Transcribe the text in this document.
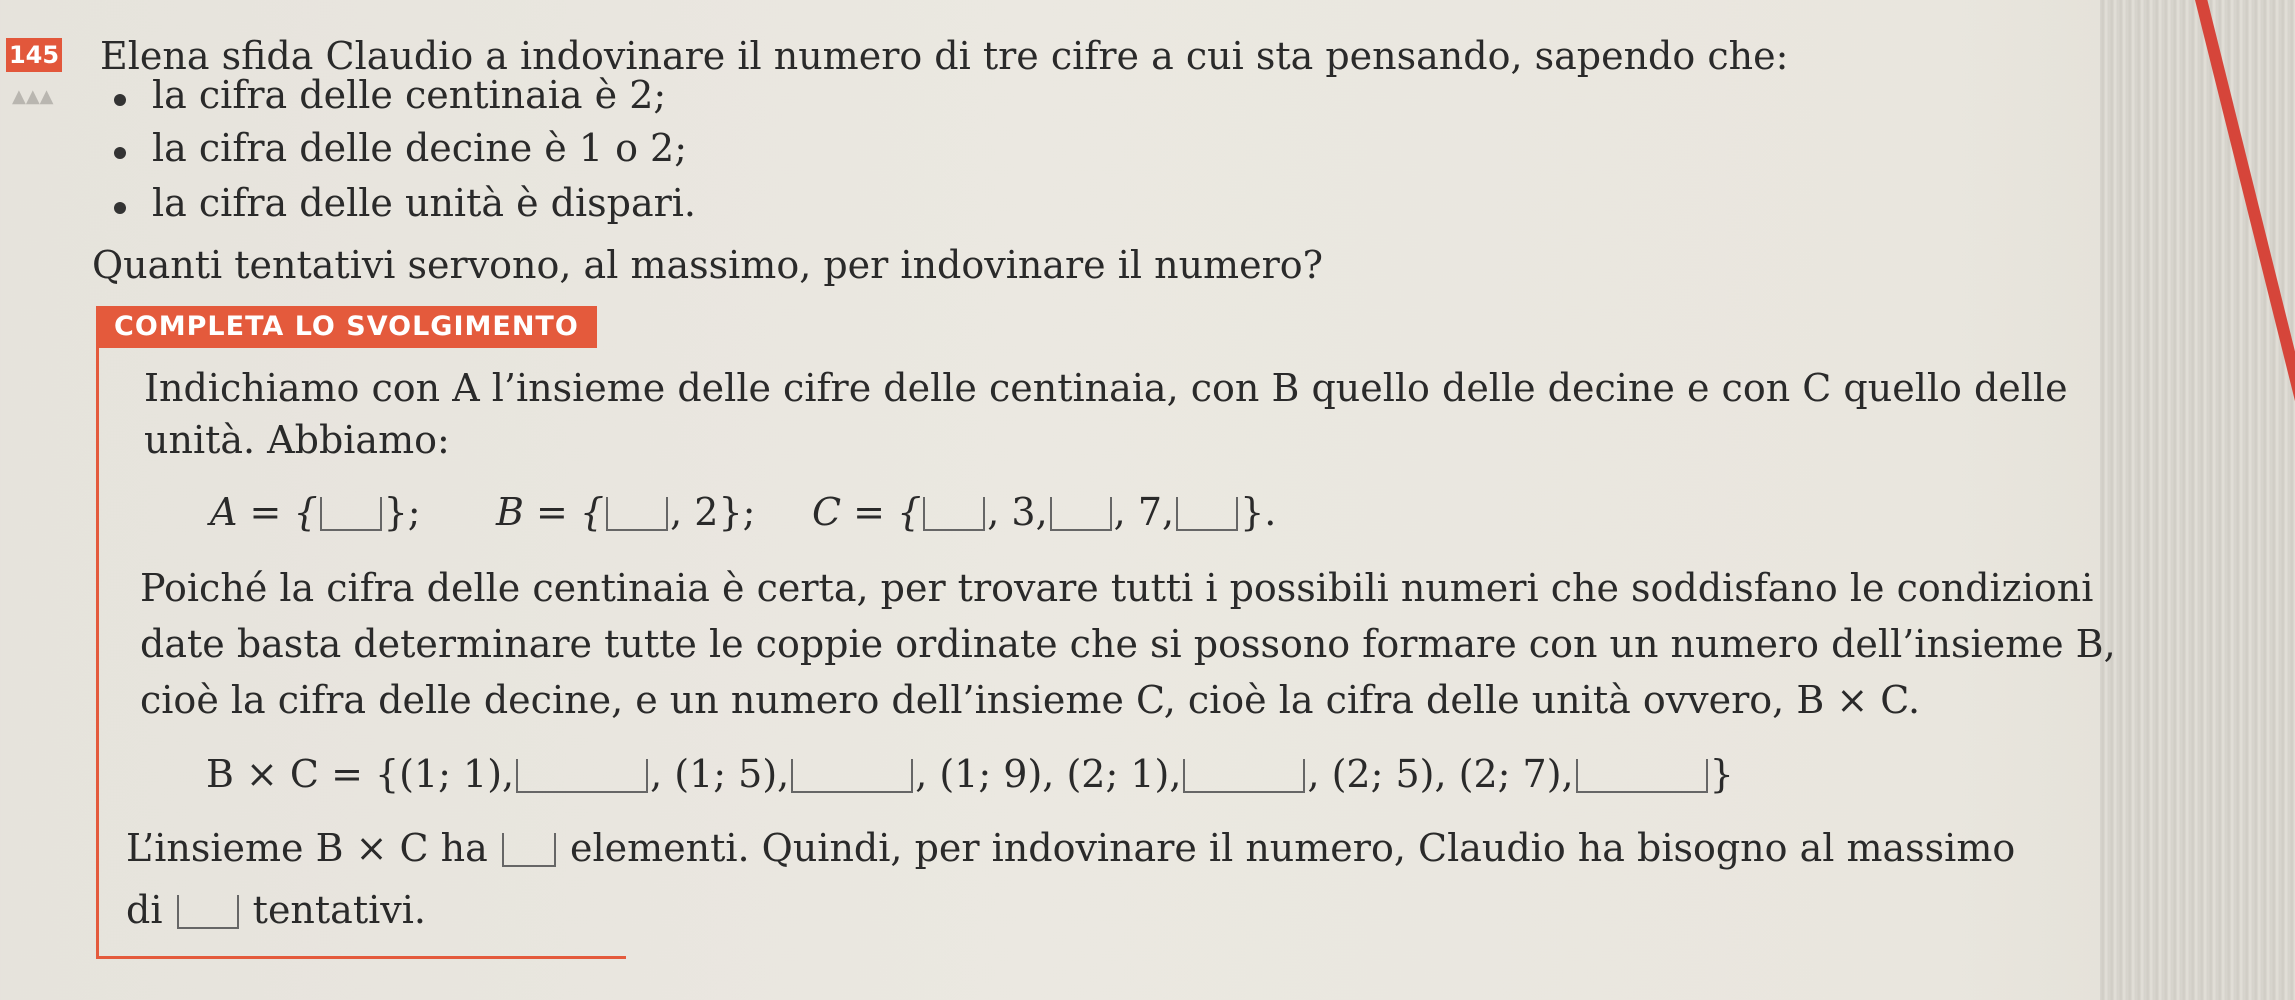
145
▲▲▲
Elena sfida Claudio a indovinare il numero di tre cifre a cui sta pensando, sapendo che:
la cifra delle centinaia è 2;
la cifra delle decine è 1 o 2;
la cifra delle unità è dispari.
Quanti tentativi servono, al massimo, per indovinare il numero?
COMPLETA LO SVOLGIMENTO
Indichiamo con A l’insieme delle cifre delle centinaia, con B quello delle decine e con C quello delle
unità. Abbiamo:
A = { }; B = { , 2}; C = { , 3, , 7, }.
Poiché la cifra delle centinaia è certa, per trovare tutti i possibili numeri che soddisfano le condizioni
date basta determinare tutte le coppie ordinate che si possono formare con un numero dell’insieme B,
cioè la cifra delle decine, e un numero dell’insieme C, cioè la cifra delle unità ovvero, B × C.
B × C = {(1; 1),	, (1; 5),	, (1; 9), (2; 1),	, (2; 5), (2; 7),	}
L’insieme B × C ha elementi. Quindi, per indovinare il numero, Claudio ha bisogno al massimo
di tentativi.
